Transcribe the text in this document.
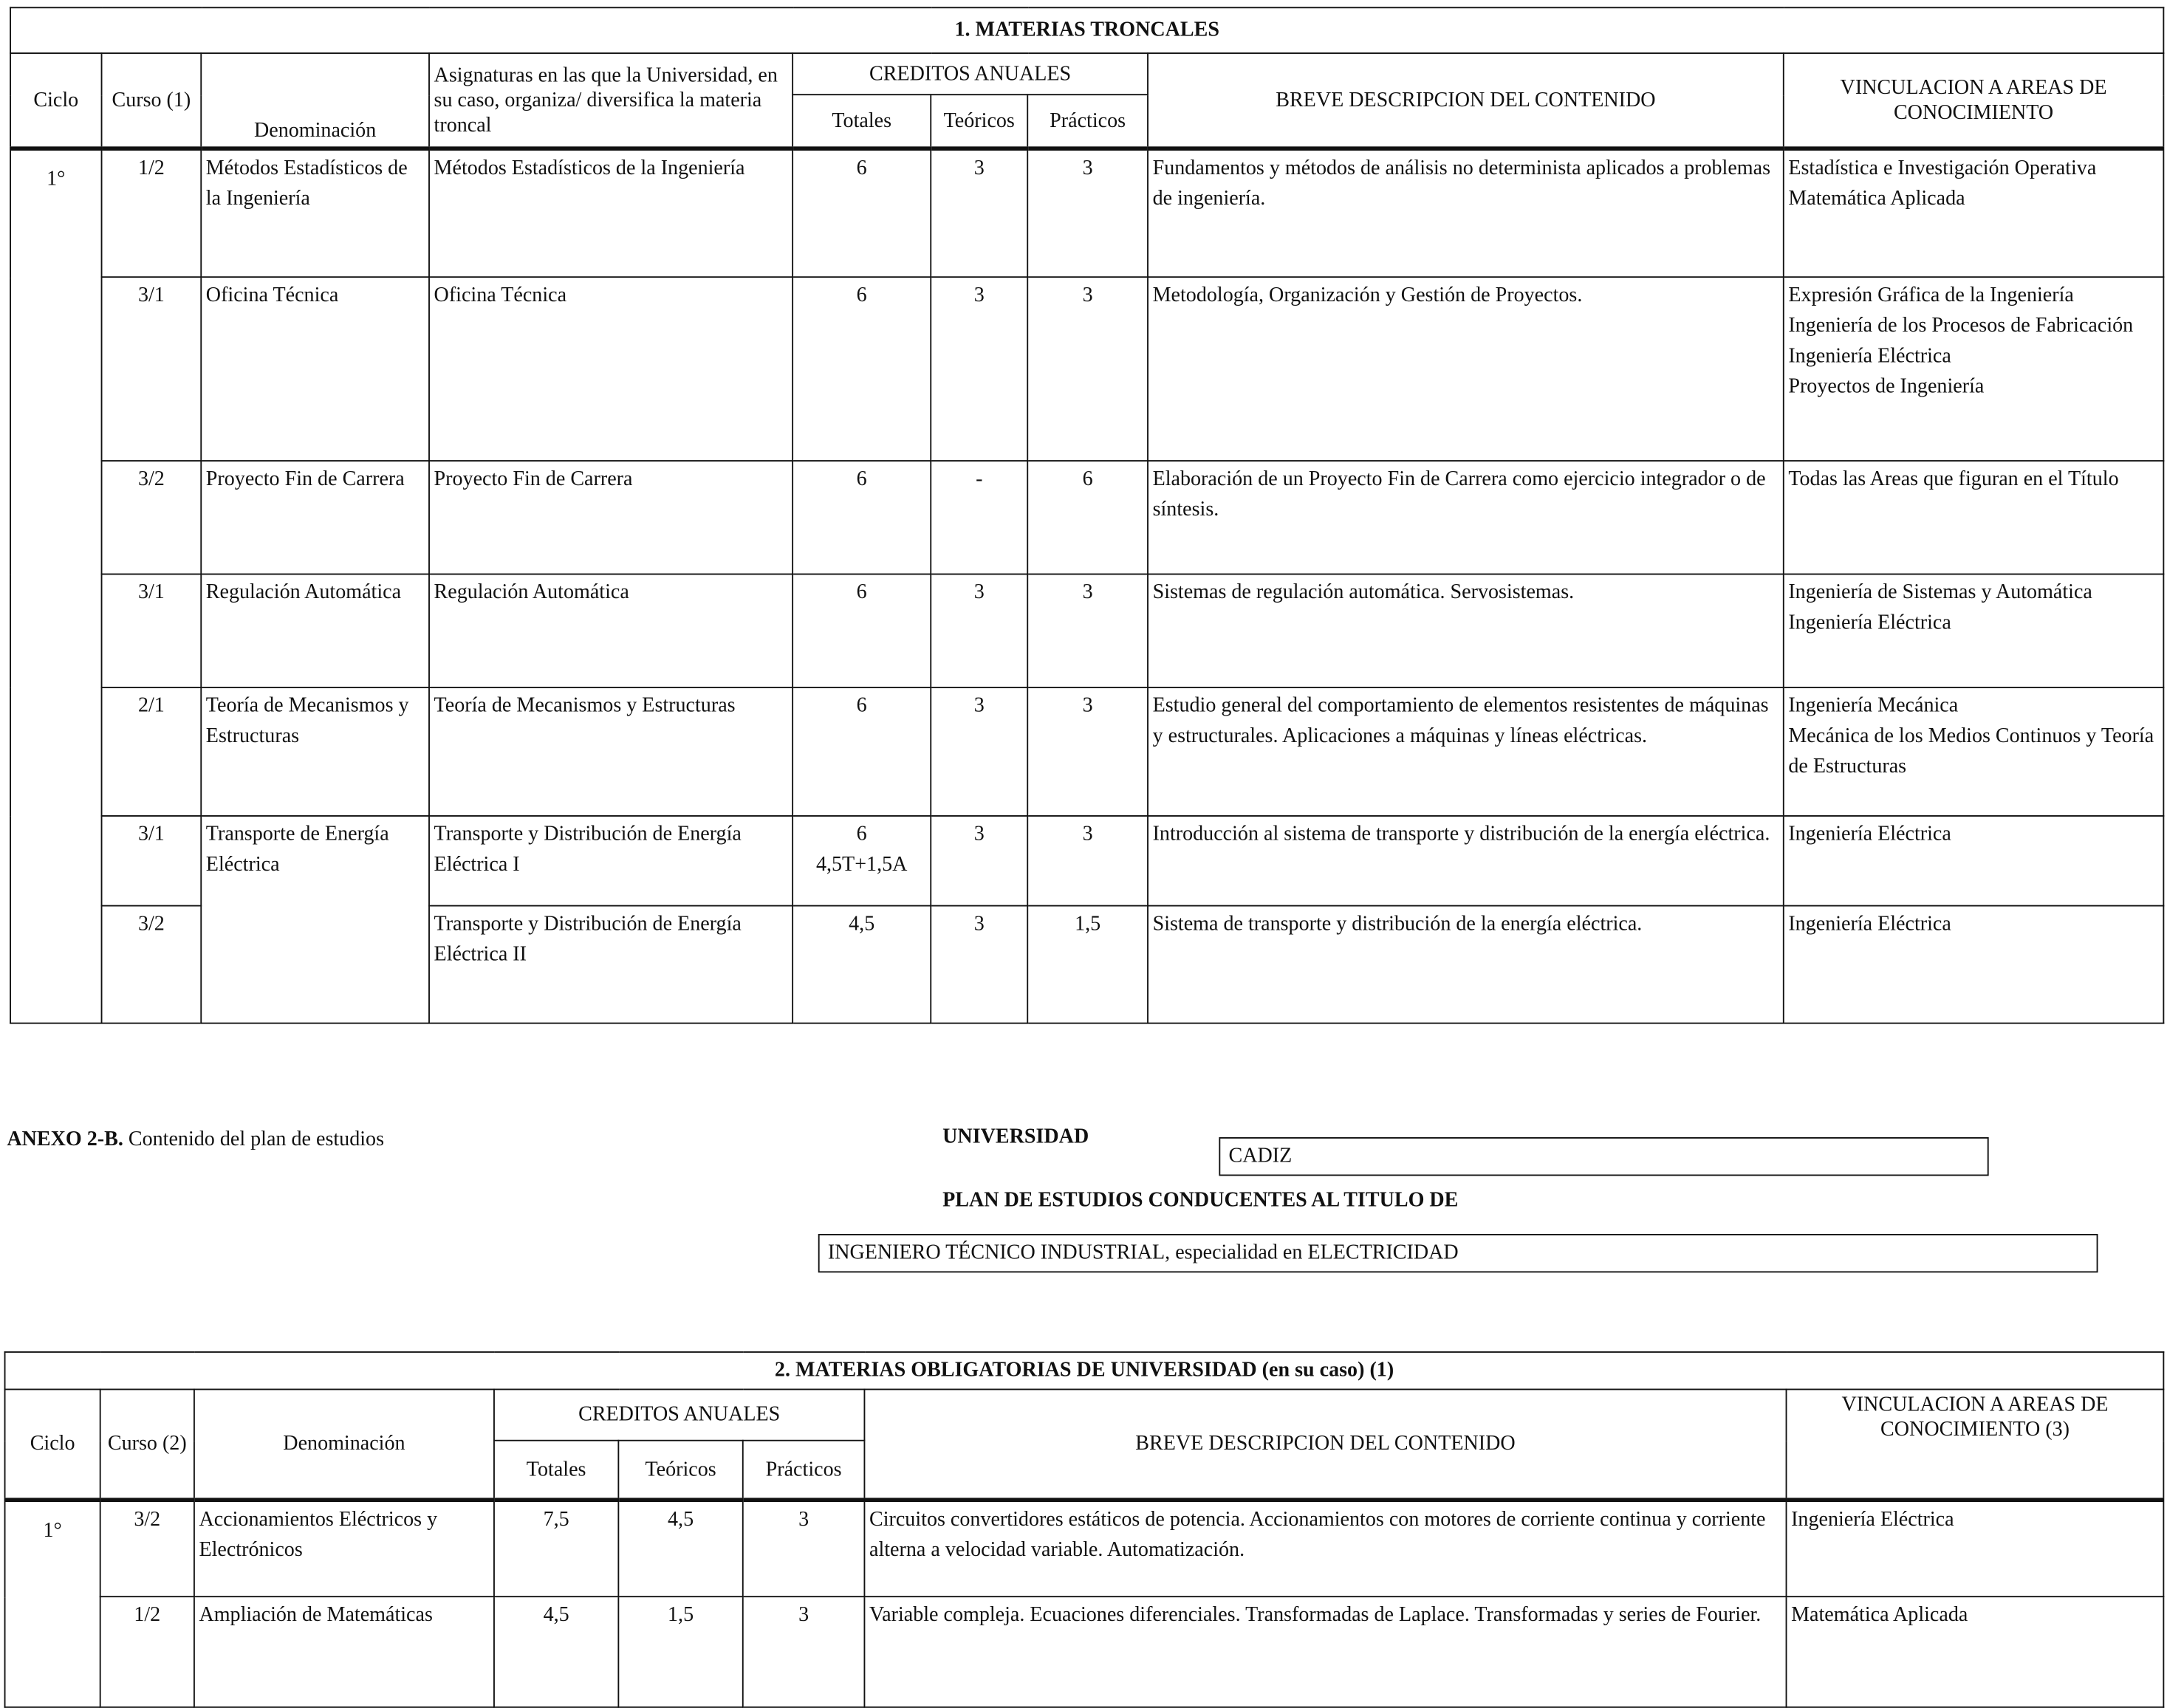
1. MATERIAS TRONCALES								
Ciclo	Curso (1)	Denominación	Asignaturas en las que la Universidad, en su caso, organiza/ diversifica la materia troncal	CREDITOS ANUALES			BREVE DESCRIPCION DEL CONTENIDO	VINCULACION A AREAS DE CONOCIMIENTO
				Totales	Teóricos	Prácticos		
1°	1/2	Métodos Estadísticos de la Ingeniería	Métodos Estadísticos de la Ingeniería	6	3	3	Fundamentos y métodos de análisis no determinista aplicados a problemas de ingeniería.	Estadística e Investigación Operativa
Matemática Aplicada
	3/1	Oficina Técnica	Oficina Técnica	6	3	3	Metodología, Organización y Gestión de Proyectos.	Expresión Gráfica de la Ingeniería
Ingeniería de los Procesos de Fabricación
Ingeniería Eléctrica
Proyectos de Ingeniería
	3/2	Proyecto Fin de Carrera	Proyecto Fin de Carrera	6	-	6	Elaboración de un Proyecto Fin de Carrera como ejercicio integrador o de síntesis.	Todas las Areas que figuran en el Título
	3/1	Regulación Automática	Regulación Automática	6	3	3	Sistemas de regulación automática. Servosistemas.	Ingeniería de Sistemas y Automática
Ingeniería Eléctrica
	2/1	Teoría de Mecanismos y Estructuras	Teoría de Mecanismos y Estructuras	6	3	3	Estudio general del comportamiento de elementos resistentes de máquinas y estructurales. Aplicaciones a máquinas y líneas eléctricas.	Ingeniería Mecánica
Mecánica de los Medios Continuos y Teoría de Estructuras
	3/1	Transporte de Energía Eléctrica	Transporte y Distribución de Energía Eléctrica I	6
4,5T+1,5A	3	3	Introducción al sistema de transporte y distribución de la energía eléctrica.	Ingeniería Eléctrica
	3/2		Transporte y Distribución de Energía Eléctrica II	4,5	3	1,5	Sistema de transporte y distribución de la energía eléctrica.	Ingeniería Eléctrica
ANEXO 2-B. Contenido del plan de estudios	UNIVERSIDAD
CADIZ
PLAN DE ESTUDIOS CONDUCENTES AL TITULO DE
INGENIERO TÉCNICO INDUSTRIAL, especialidad en ELECTRICIDAD
2. MATERIAS OBLIGATORIAS DE UNIVERSIDAD (en su caso) (1)							
Ciclo	Curso (2)	Denominación	CREDITOS ANUALES			BREVE DESCRIPCION DEL CONTENIDO	VINCULACION A AREAS DE CONOCIMIENTO (3)
			Totales	Teóricos	Prácticos		
1°	3/2	Accionamientos Eléctricos y Electrónicos	7,5	4,5	3	Circuitos convertidores estáticos de potencia. Accionamientos con motores de corriente continua y corriente alterna a velocidad variable. Automatización.	Ingeniería Eléctrica
	1/2	Ampliación de Matemáticas	4,5	1,5	3	Variable compleja. Ecuaciones diferenciales. Transformadas de Laplace. Transformadas y series de Fourier.	Matemática Aplicada
